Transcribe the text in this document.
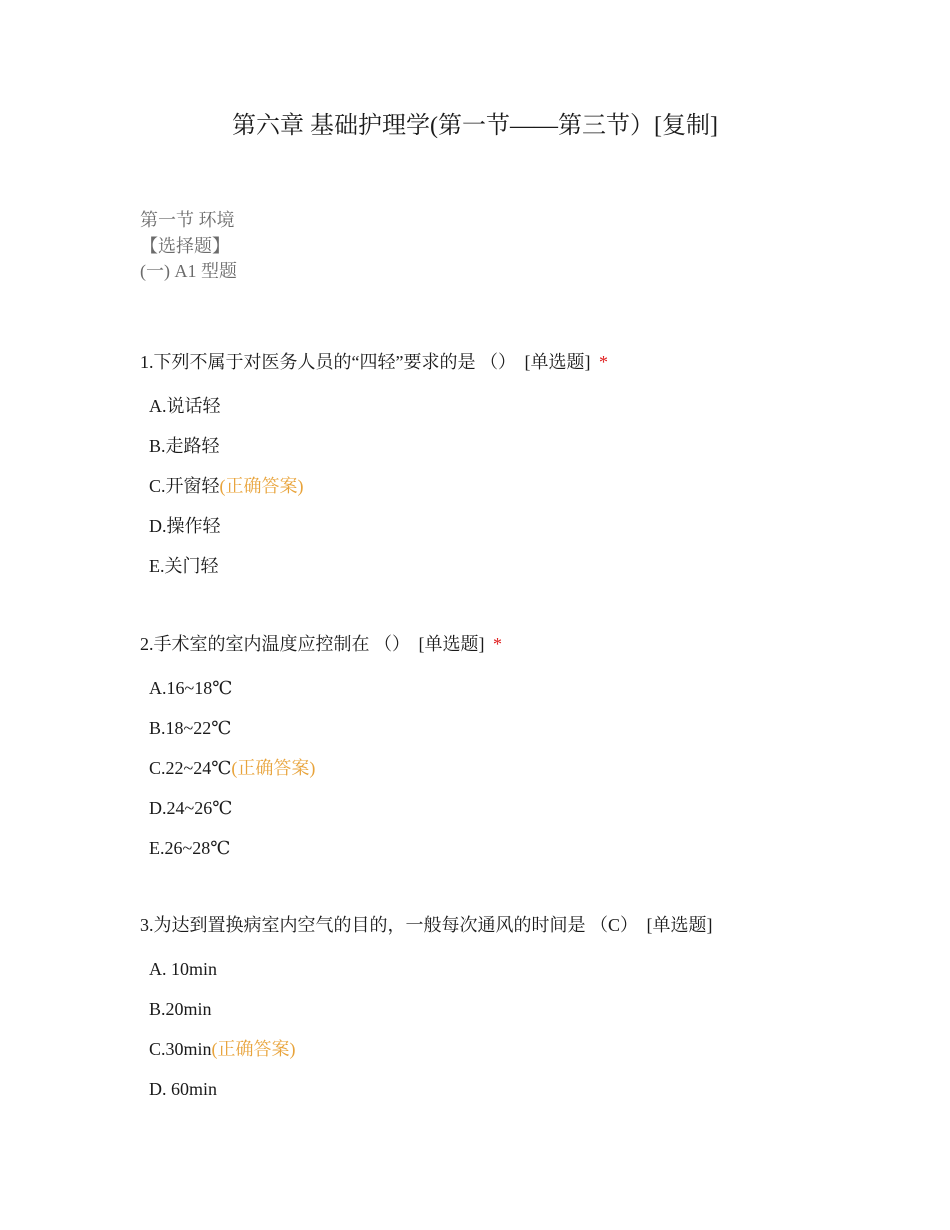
第六章 基础护理学(第一节——第三节）[复制]
第一节 环境
【选择题】
(一) A1 型题
1.下列不属于对医务人员的“四轻”要求的是 （） [单选题] *
A.说话轻
B.走路轻
C.开窗轻(正确答案)
D.操作轻
E.关门轻
2.手术室的室内温度应控制在 （） [单选题] *
A.16~18℃
B.18~22℃
C.22~24℃(正确答案)
D.24~26℃
E.26~28℃
3.为达到置换病室内空气的目的，一般每次通风的时间是 （C） [单选题]
A. 10min
B.20min
C.30min(正确答案)
D. 60min
